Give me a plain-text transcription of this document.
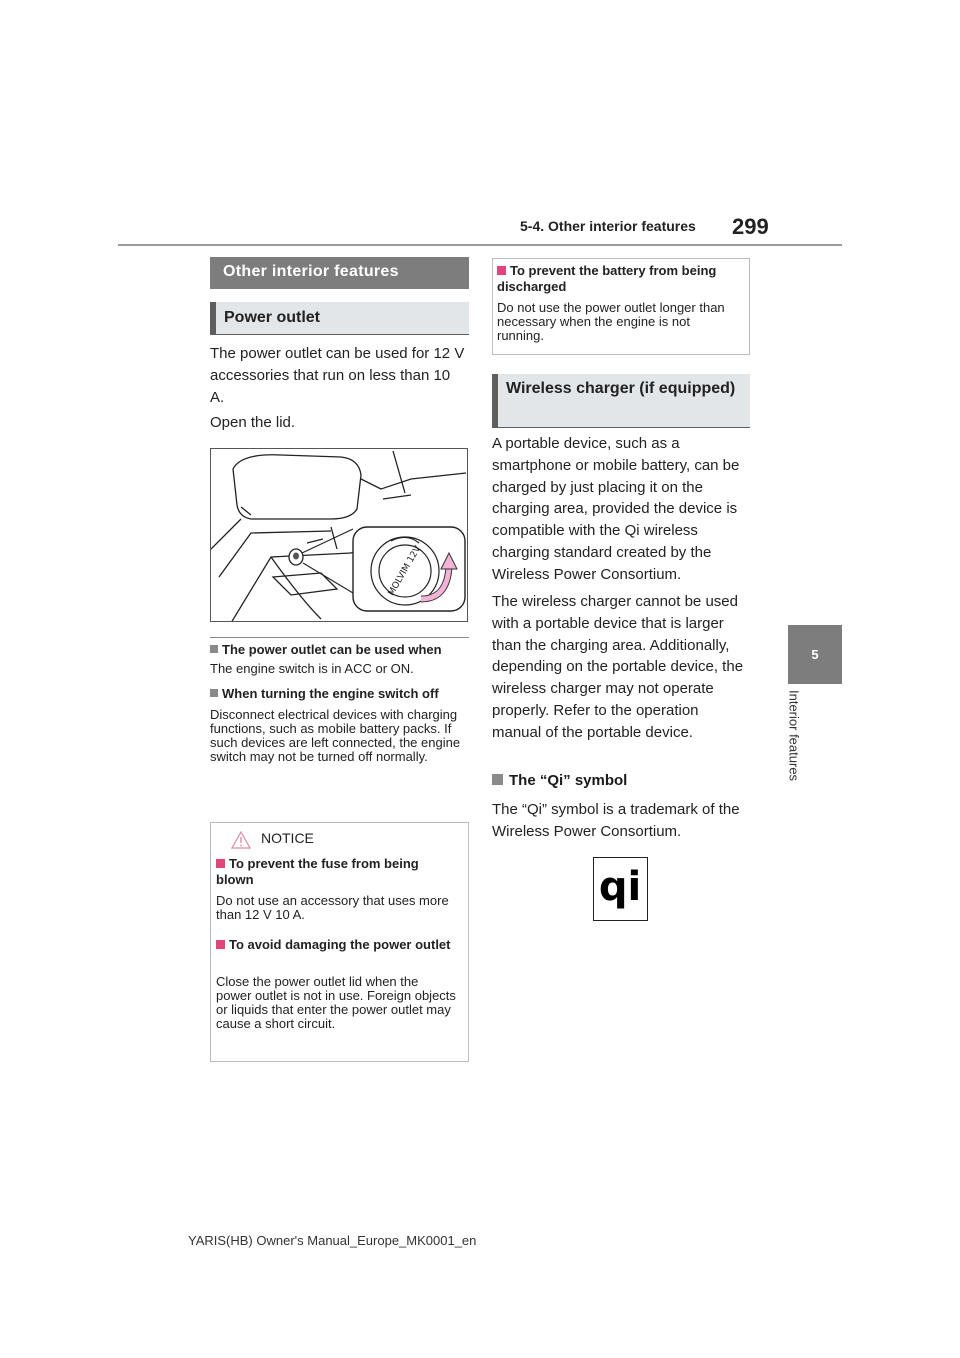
5-4. Other interior features 299
5
Interior features
Other interior features
Power outlet
The power outlet can be used for 12 V accessories that run on less than 10 A.
Open the lid.
MOLVIM 12V
The power outlet can be used when
The engine switch is in ACC or ON.
When turning the engine switch off
Disconnect electrical devices with charging functions, such as mobile battery packs. If such devices are left connected, the engine switch may not be turned off normally.
NOTICE
To prevent the fuse from being blown
Do not use an accessory that uses more than 12 V 10 A.
To avoid damaging the power outlet
Close the power outlet lid when the power outlet is not in use. Foreign objects or liquids that enter the power outlet may cause a short circuit.
To prevent the battery from being discharged
Do not use the power outlet longer than necessary when the engine is not running.
Wireless charger (if equipped)
A portable device, such as a smartphone or mobile battery, can be charged by just placing it on the charging area, provided the device is compatible with the Qi wireless charging standard created by the Wireless Power Consortium.
The wireless charger cannot be used with a portable device that is larger than the charging area. Additionally, depending on the portable device, the wireless charger may not operate properly. Refer to the operation manual of the portable device.
The “Qi” symbol
The “Qi” symbol is a trademark of the Wireless Power Consortium.
qi
YARIS(HB) Owner's Manual_Europe_MK0001_en
